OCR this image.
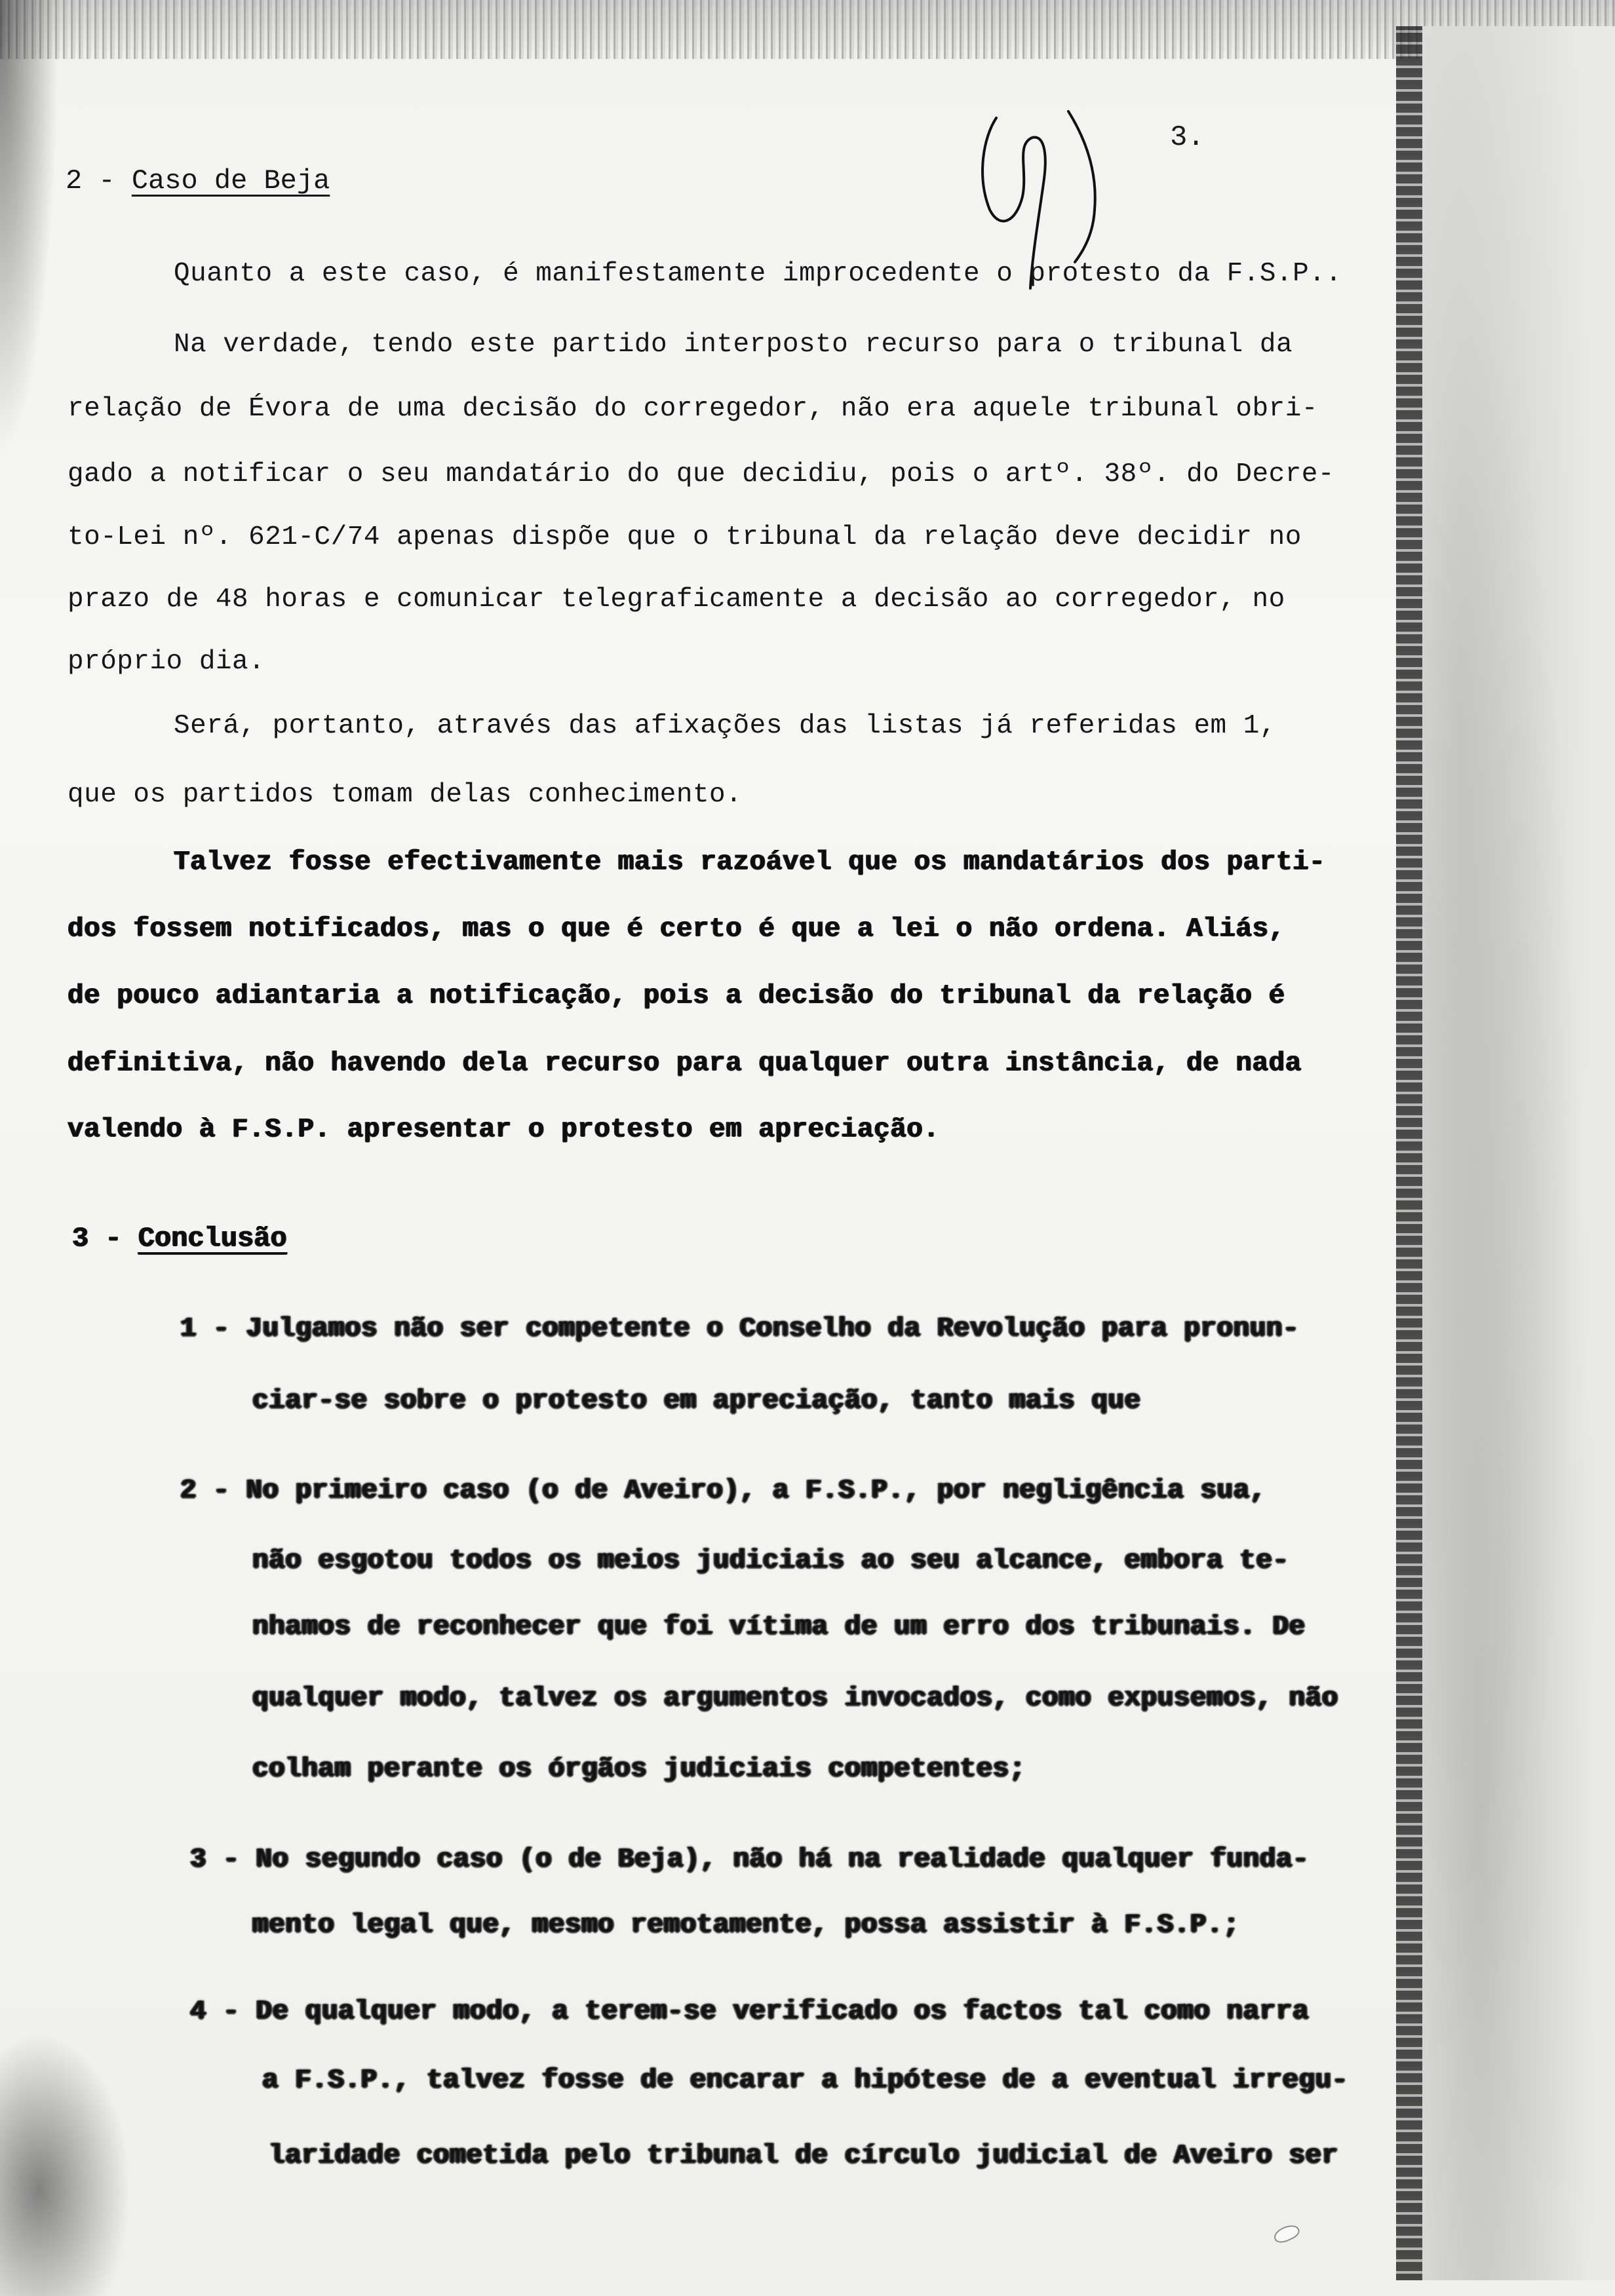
3.
2 - Caso de Beja
Quanto a este caso, é manifestamente improcedente o protesto da F.S.P..
Na verdade, tendo este partido interposto recurso para o tribunal da
relação de Évora de uma decisão do corregedor, não era aquele tribunal obri-
gado a notificar o seu mandatário do que decidiu, pois o artº. 38º. do Decre-
to-Lei nº. 621-C/74 apenas dispõe que o tribunal da relação deve decidir no
prazo de 48 horas e comunicar telegraficamente a decisão ao corregedor, no
próprio dia.
Será, portanto, através das afixações das listas já referidas em 1,
que os partidos tomam delas conhecimento.
Talvez fosse efectivamente mais razoável que os mandatários dos parti-
dos fossem notificados, mas o que é certo é que a lei o não ordena. Aliás,
de pouco adiantaria a notificação, pois a decisão do tribunal da relação é
definitiva, não havendo dela recurso para qualquer outra instância, de nada
valendo à F.S.P. apresentar o protesto em apreciação.
3 - Conclusão
1 - Julgamos não ser competente o Conselho da Revolução para pronun-
ciar-se sobre o protesto em apreciação, tanto mais que
2 - No primeiro caso (o de Aveiro), a F.S.P., por negligência sua,
não esgotou todos os meios judiciais ao seu alcance, embora te-
nhamos de reconhecer que foi vítima de um erro dos tribunais. De
qualquer modo, talvez os argumentos invocados, como expusemos, não
colham perante os órgãos judiciais competentes;
3 - No segundo caso (o de Beja), não há na realidade qualquer funda-
mento legal que, mesmo remotamente, possa assistir à F.S.P.;
4 - De qualquer modo, a terem-se verificado os factos tal como narra
a F.S.P., talvez fosse de encarar a hipótese de a eventual irregu-
laridade cometida pelo tribunal de círculo judicial de Aveiro ser
